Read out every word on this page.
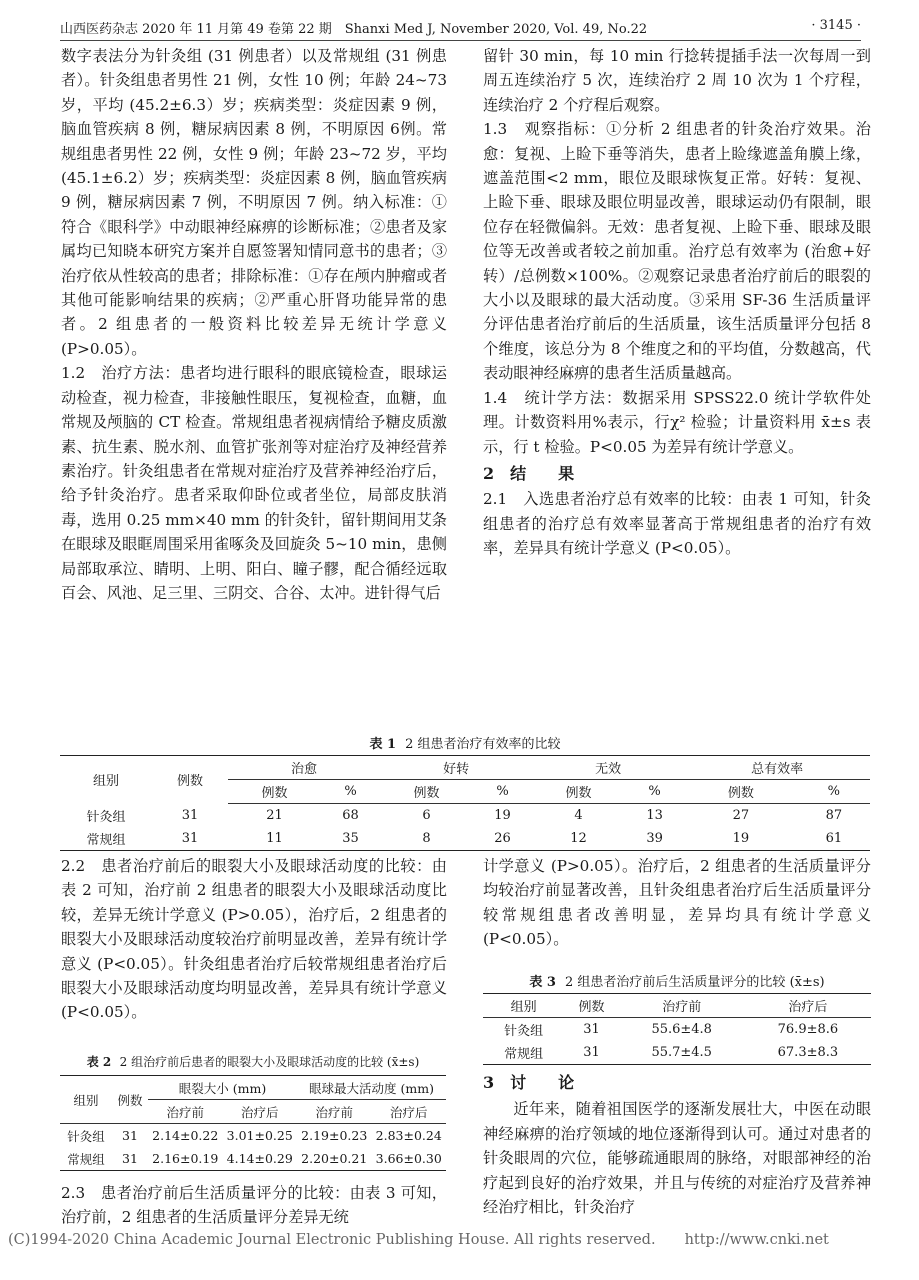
山西医药杂志 2020 年 11 月第 49 卷第 22 期　Shanxi Med J, November 2020, Vol. 49, No.22	· 3145 ·

数字表法分为针灸组 (31 例患者）以及常规组 (31 例患者）。针灸组患者男性 21 例，女性 10 例；年龄 24~73 岁，平均 (45.2±6.3）岁；疾病类型：炎症因素 9 例，脑血管疾病 8 例，糖尿病因素 8 例，不明原因 6例。常规组患者男性 22 例，女性 9 例；年龄 23~72 岁，平均 (45.1±6.2）岁；疾病类型：炎症因素 8 例，脑血管疾病 9 例，糖尿病因素 7 例，不明原因 7 例。纳入标准：①符合《眼科学》中动眼神经麻痹的诊断标准；②患者及家属均已知晓本研究方案并自愿签署知情同意书的患者；③治疗依从性较高的患者；排除标准：①存在颅内肿瘤或者其他可能影响结果的疾病；②严重心肝肾功能异常的患者。2 组患者的一般资料比较差异无统计学意义 (P>0.05）。

1.2　治疗方法：患者均进行眼科的眼底镜检查，眼球运动检查，视力检查，非接触性眼压，复视检查，血糖，血常规及颅脑的 CT 检查。常规组患者视病情给予糖皮质激素、抗生素、脱水剂、血管扩张剂等对症治疗及神经营养素治疗。针灸组患者在常规对症治疗及营养神经治疗后，给予针灸治疗。患者采取仰卧位或者坐位，局部皮肤消毒，选用 0.25 mm×40 mm 的针灸针，留针期间用艾条在眼球及眼眶周围采用雀啄灸及回旋灸 5~10 min，患侧局部取承泣、睛明、上明、阳白、瞳子髎，配合循经远取百会、风池、足三里、三阴交、合谷、太冲。进针得气后

留针 30 min，每 10 min 行捻转提插手法一次每周一到周五连续治疗 5 次，连续治疗 2 周 10 次为 1 个疗程，连续治疗 2 个疗程后观察。

1.3　观察指标：①分析 2 组患者的针灸治疗效果。治愈：复视、上睑下垂等消失，患者上睑缘遮盖角膜上缘，遮盖范围<2 mm，眼位及眼球恢复正常。好转：复视、上睑下垂、眼球及眼位明显改善，眼球运动仍有限制，眼位存在轻微偏斜。无效：患者复视、上睑下垂、眼球及眼位等无改善或者较之前加重。治疗总有效率为 (治愈+好转）/总例数×100%。②观察记录患者治疗前后的眼裂的大小以及眼球的最大活动度。③采用 SF-36 生活质量评分评估患者治疗前后的生活质量，该生活质量评分包括 8 个维度，该总分为 8 个维度之和的平均值，分数越高，代表动眼神经麻痹的患者生活质量越高。

1.4　统计学方法：数据采用 SPSS22.0 统计学软件处理。计数资料用%表示，行χ² 检验；计量资料用 x̄±s 表示，行 t 检验。P<0.05 为差异有统计学意义。

2　结　　果

2.1　入选患者治疗总有效率的比较：由表 1 可知，针灸组患者的治疗总有效率显著高于常规组患者的治疗有效率，差异具有统计学意义 (P<0.05）。

表 1 2 组患者治疗有效率的比较
组别	例数	治愈		好转		无效		总有效率	
		例数	%	例数	%	例数	%	例数	%
针灸组	31	21	68	6	19	4	13	27	87
常规组	31	11	35	8	26	12	39	19	61

2.2　患者治疗前后的眼裂大小及眼球活动度的比较：由表 2 可知，治疗前 2 组患者的眼裂大小及眼球活动度比较，差异无统计学意义 (P>0.05），治疗后，2 组患者的眼裂大小及眼球活动度较治疗前明显改善，差异有统计学意义 (P<0.05）。针灸组患者治疗后较常规组患者治疗后眼裂大小及眼球活动度均明显改善，差异具有统计学意义 (P<0.05）。

表 2 2 组治疗前后患者的眼裂大小及眼球活动度的比较 (x̄±s)
组别	例数	眼裂大小 (mm)		眼球最大活动度 (mm)	
		治疗前	治疗后	治疗前	治疗后
针灸组	31	2.14±0.22	3.01±0.25	2.19±0.23	2.83±0.24
常规组	31	2.16±0.19	4.14±0.29	2.20±0.21	3.66±0.30

2.3　患者治疗前后生活质量评分的比较：由表 3 可知，治疗前，2 组患者的生活质量评分差异无统

计学意义 (P>0.05）。治疗后，2 组患者的生活质量评分均较治疗前显著改善，且针灸组患者治疗后生活质量评分较常规组患者改善明显，差异均具有统计学意义 (P<0.05）。

表 3 2 组患者治疗前后生活质量评分的比较 (x̄±s)
组别	例数	治疗前	治疗后
针灸组	31	55.6±4.8	76.9±8.6
常规组	31	55.7±4.5	67.3±8.3

3　讨　　论

近年来，随着祖国医学的逐渐发展壮大，中医在动眼神经麻痹的治疗领域的地位逐渐得到认可。通过对患者的针灸眼周的穴位，能够疏通眼周的脉络，对眼部神经的治疗起到良好的治疗效果，并且与传统的对症治疗及营养神经治疗相比，针灸治疗

(C)1994-2020 China Academic Journal Electronic Publishing House. All rights reserved.　　http://www.cnki.net
